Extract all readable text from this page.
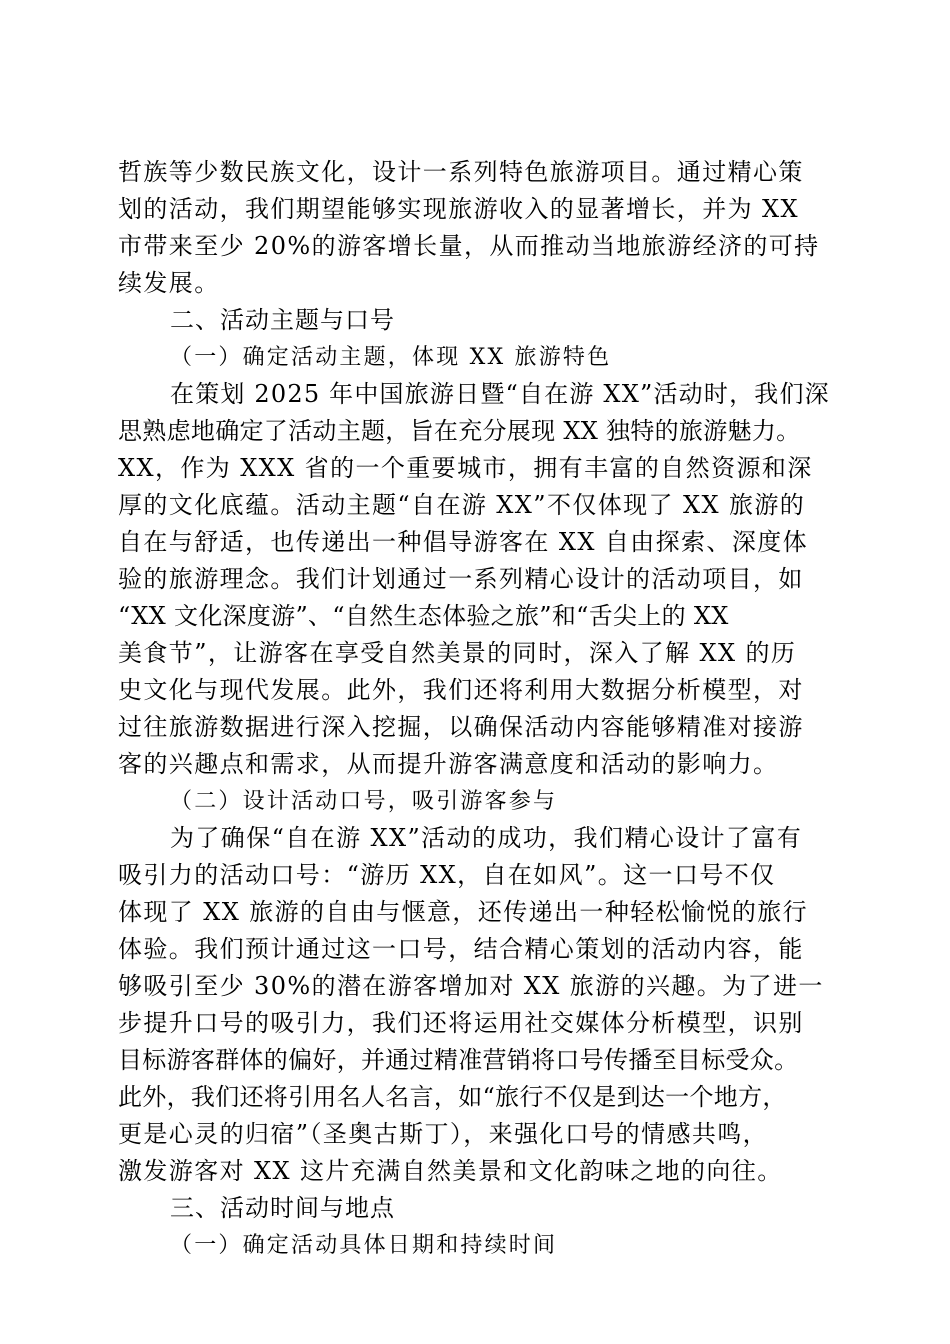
哲族等少数民族文化，设计一系列特色旅游项目。通过精心策
划的活动，我们期望能够实现旅游收入的显著增长，并为 XX
市带来至少 20%的游客增长量，从而推动当地旅游经济的可持
续发展。
二、活动主题与口号
（一）确定活动主题，体现 XX 旅游特色
在策划 2025 年中国旅游日暨“自在游 XX”活动时，我们深
思熟虑地确定了活动主题，旨在充分展现 XX 独特的旅游魅力。
XX，作为 XXX 省的一个重要城市，拥有丰富的自然资源和深
厚的文化底蕴。活动主题“自在游 XX”不仅体现了 XX 旅游的
自在与舒适，也传递出一种倡导游客在 XX 自由探索、深度体
验的旅游理念。我们计划通过一系列精心设计的活动项目，如
“XX 文化深度游”、“自然生态体验之旅”和“舌尖上的 XX
美食节”，让游客在享受自然美景的同时，深入了解 XX 的历
史文化与现代发展。此外，我们还将利用大数据分析模型，对
过往旅游数据进行深入挖掘，以确保活动内容能够精准对接游
客的兴趣点和需求，从而提升游客满意度和活动的影响力。
（二）设计活动口号，吸引游客参与
为了确保“自在游 XX”活动的成功，我们精心设计了富有
吸引力的活动口号：“游历 XX，自在如风”。这一口号不仅
体现了 XX 旅游的自由与惬意，还传递出一种轻松愉悦的旅行
体验。我们预计通过这一口号，结合精心策划的活动内容，能
够吸引至少 30%的潜在游客增加对 XX 旅游的兴趣。为了进一
步提升口号的吸引力，我们还将运用社交媒体分析模型，识别
目标游客群体的偏好，并通过精准营销将口号传播至目标受众。
此外，我们还将引用名人名言，如“旅行不仅是到达一个地方，
更是心灵的归宿”（圣奥古斯丁），来强化口号的情感共鸣，
激发游客对 XX 这片充满自然美景和文化韵味之地的向往。
三、活动时间与地点
（一）确定活动具体日期和持续时间
